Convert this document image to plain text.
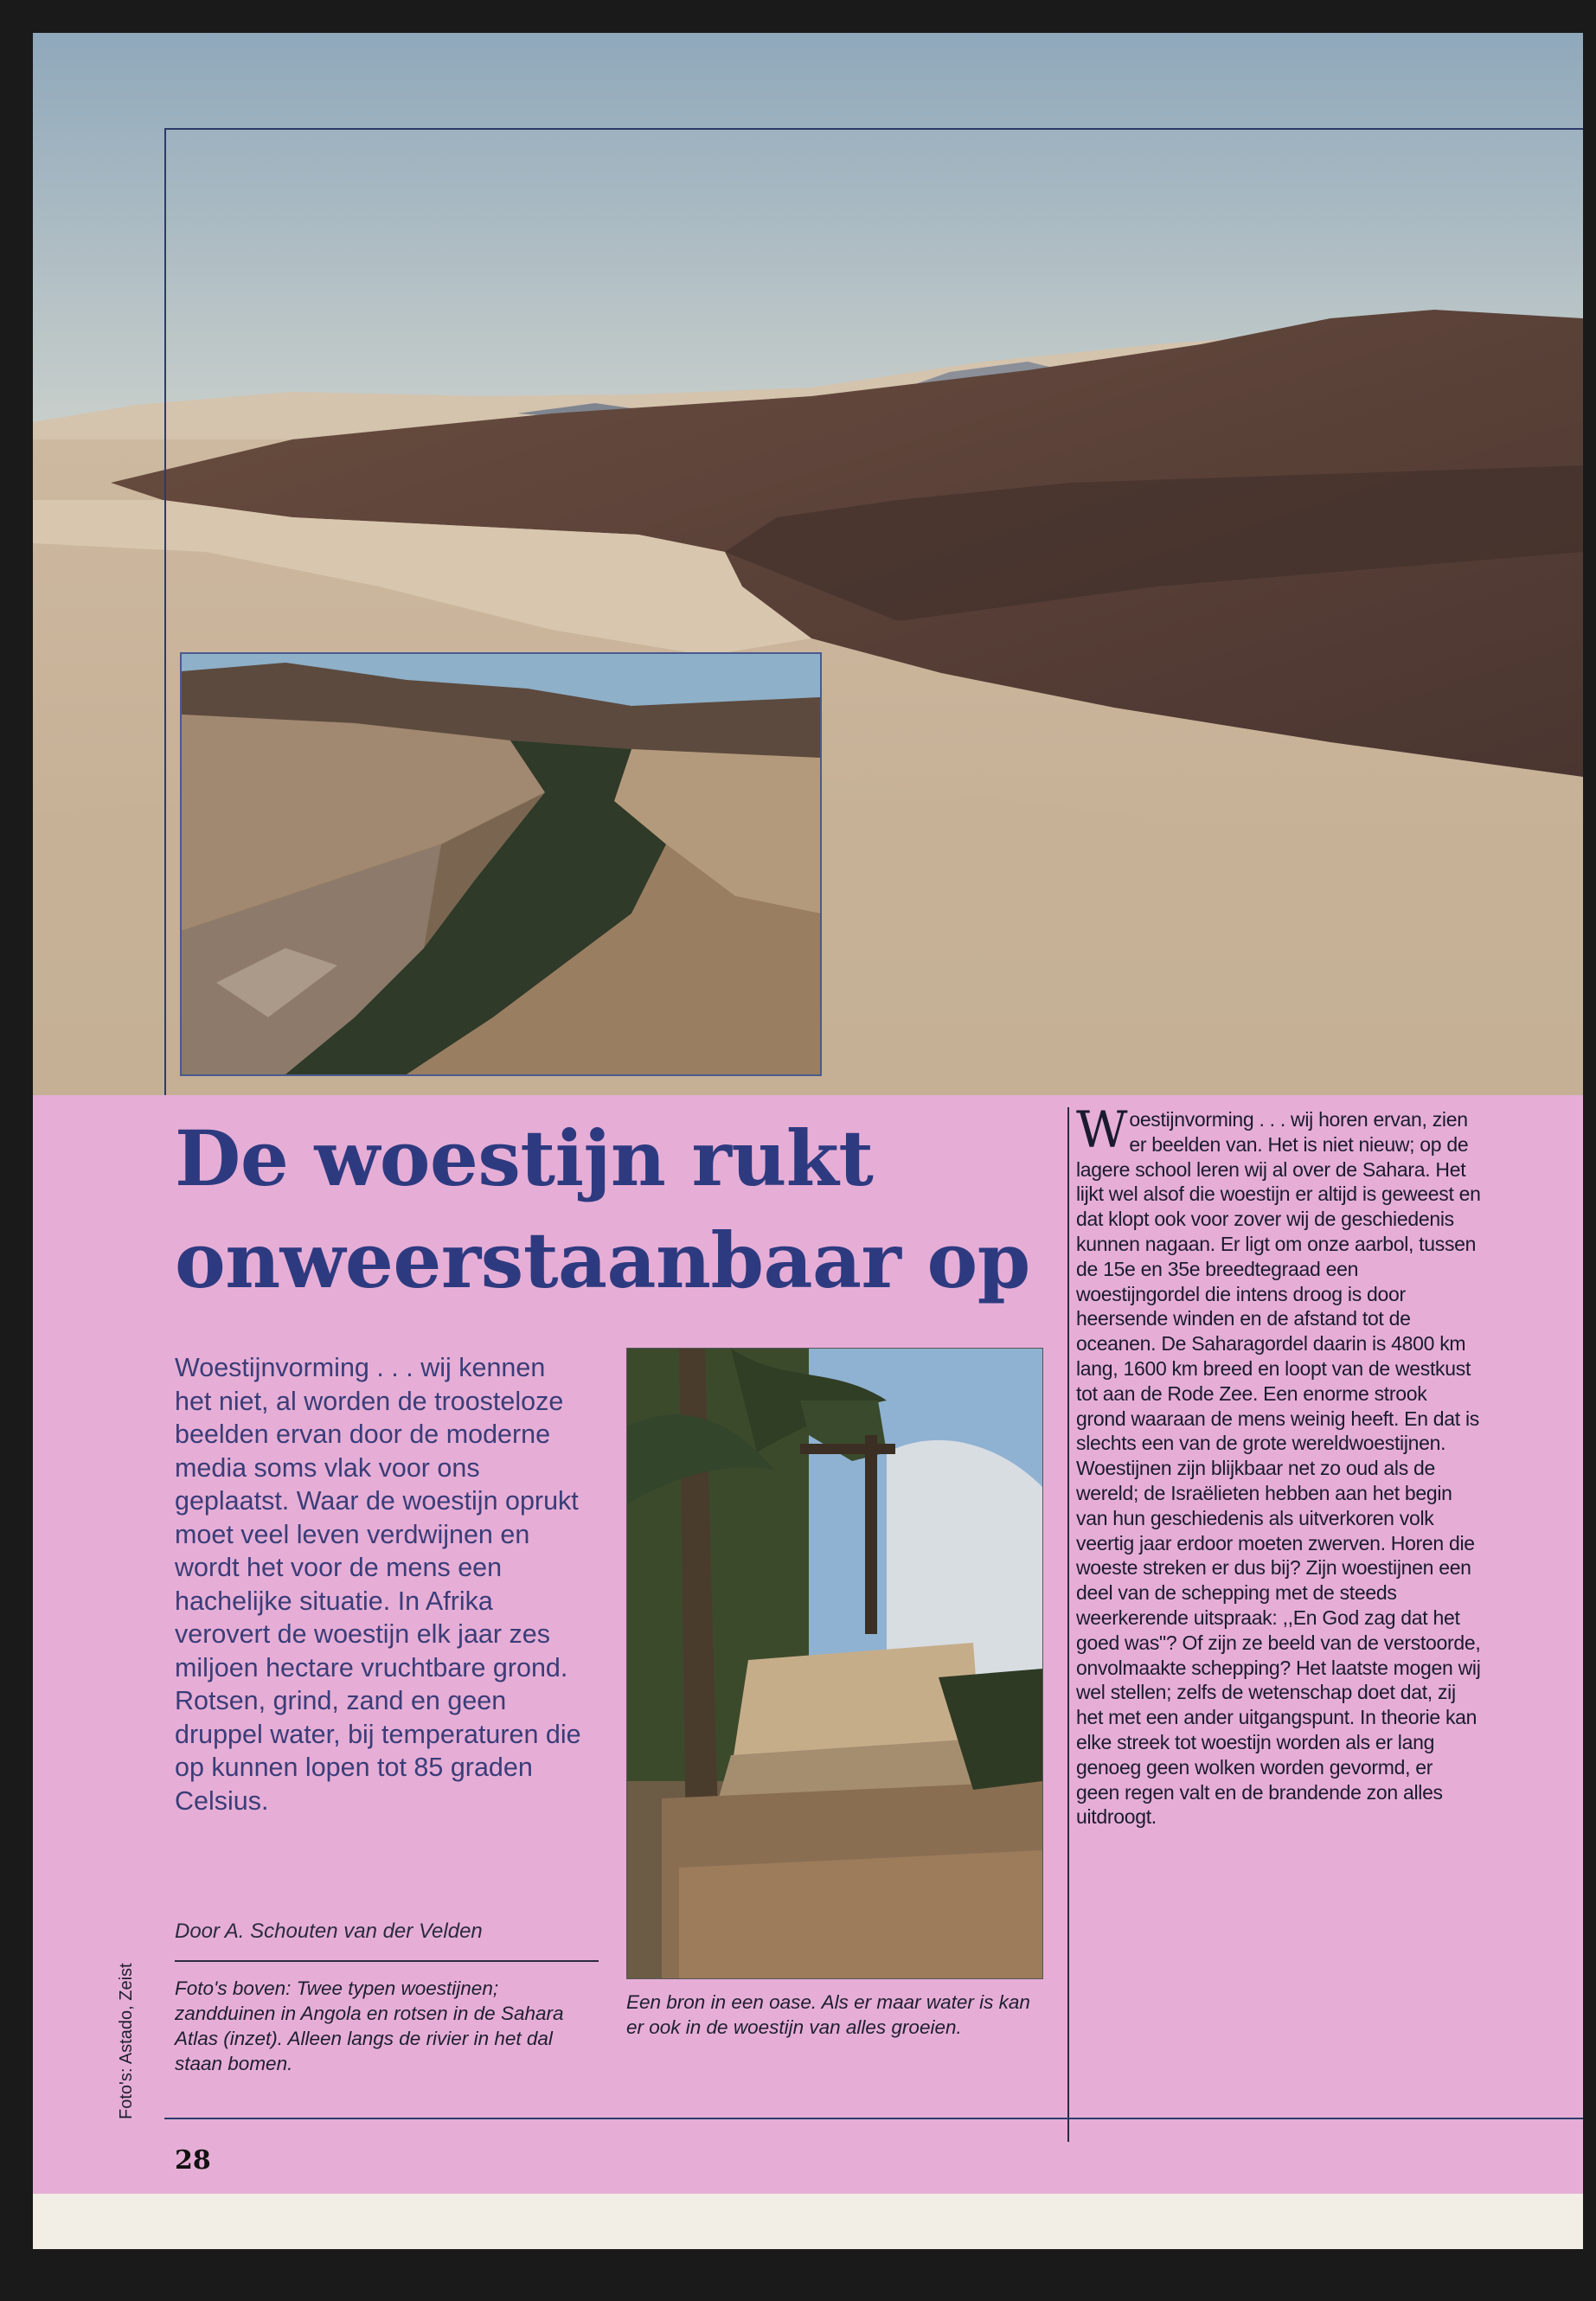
De woestijn rukt onweerstaanbaar op

Woestijnvorming . . . wij kennen het niet, al worden de troosteloze beelden ervan door de moderne media soms vlak voor ons geplaatst. Waar de woestijn oprukt moet veel leven verdwijnen en wordt het voor de mens een hachelijke situatie. In Afrika verovert de woestijn elk jaar zes miljoen hectare vruchtbare grond. Rotsen, grind, zand en geen druppel water, bij temperaturen die op kunnen lopen tot 85 graden Celsius.

Door A. Schouten van der Velden

Foto's boven: Twee typen woestijnen; zandduinen in Angola en rotsen in de Sahara Atlas (inzet). Alleen langs de rivier in het dal staan bomen.

Een bron in een oase. Als er maar water is kan er ook in de woestijn van alles groeien.

Woestijnvorming . . . wij horen ervan, zien er beelden van. Het is niet nieuw; op de lagere school leren wij al over de Sahara. Het lijkt wel alsof die woestijn er altijd is geweest en dat klopt ook voor zover wij de geschiedenis kunnen nagaan. Er ligt om onze aarbol, tussen de 15e en 35e breedtegraad een woestijngordel die intens droog is door heersende winden en de afstand tot de oceanen. De Saharagordel daarin is 4800 km lang, 1600 km breed en loopt van de westkust tot aan de Rode Zee. Een enorme strook grond waaraan de mens weinig heeft. En dat is slechts een van de grote wereldwoestijnen. Woestijnen zijn blijkbaar net zo oud als de wereld; de Israëlieten hebben aan het begin van hun geschiedenis als uitverkoren volk veertig jaar erdoor moeten zwerven. Horen die woeste streken er dus bij? Zijn woestijnen een deel van de schepping met de steeds weerkerende uitspraak: ,,En God zag dat het goed was"? Of zijn ze beeld van de verstoorde, onvolmaakte schepping? Het laatste mogen wij wel stellen; zelfs de wetenschap doet dat, zij het met een ander uitgangspunt. In theorie kan elke streek tot woestijn worden als er lang genoeg geen wolken worden gevormd, er geen regen valt en de brandende zon alles uitdroogt.

Foto's: Astado, Zeist
28
